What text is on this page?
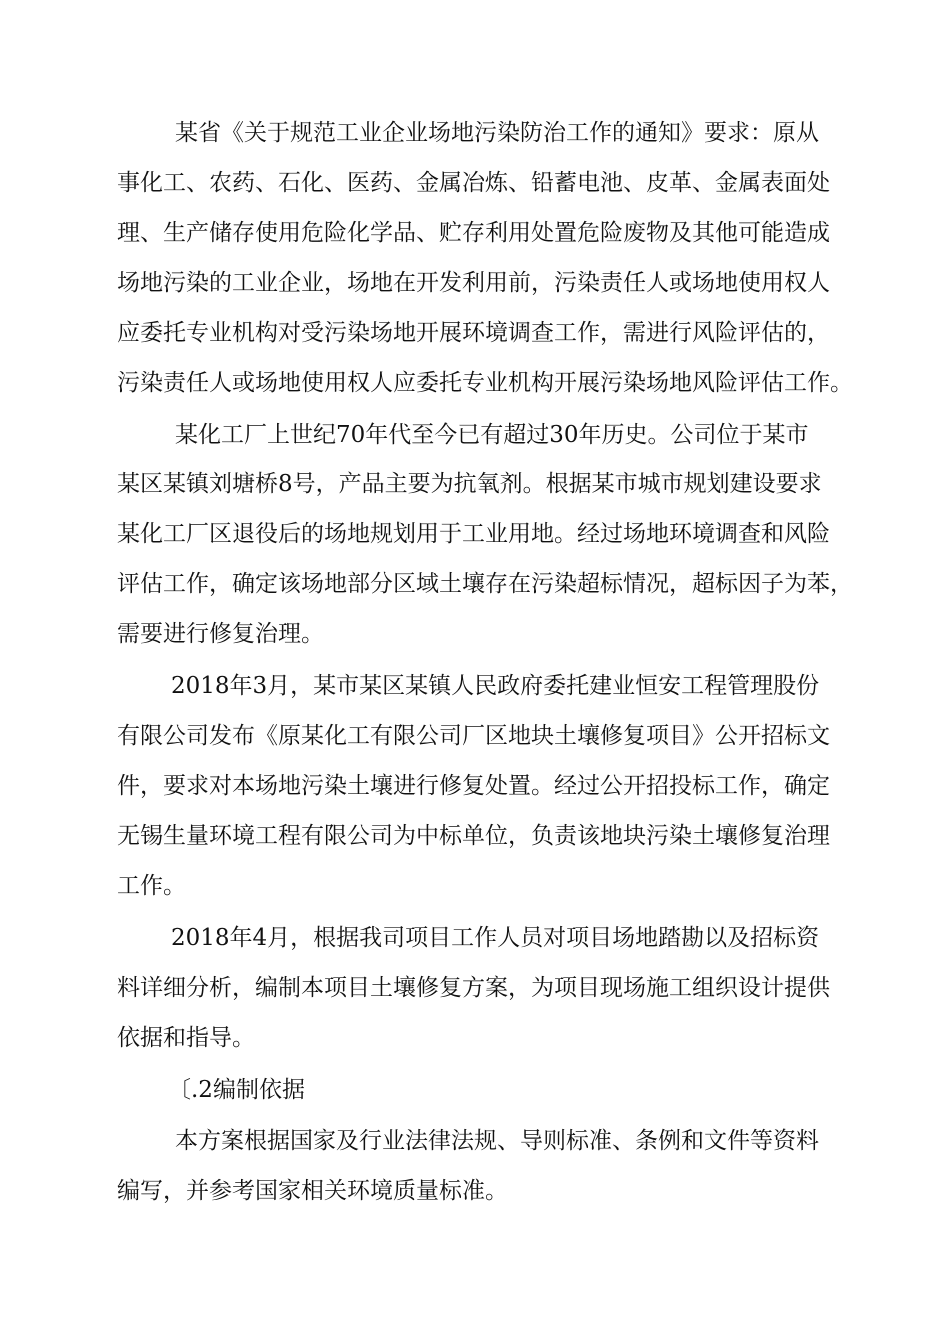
某省《关于规范工业企业场地污染防治工作的通知》要求：原从
事化工、农药、石化、医药、金属冶炼、铅蓄电池、皮革、金属表面处
理、生产储存使用危险化学品、贮存利用处置危险废物及其他可能造成
场地污染的工业企业，场地在开发利用前，污染责任人或场地使用权人
应委托专业机构对受污染场地开展环境调查工作，需进行风险评估的，
污染责任人或场地使用权人应委托专业机构开展污染场地风险评估工作。
某化工厂上世纪70年代至今已有超过30年历史。公司位于某市
某区某镇刘塘桥8号，产品主要为抗氧剂。根据某市城市规划建设要求
某化工厂区退役后的场地规划用于工业用地。经过场地环境调查和风险
评估工作，确定该场地部分区域土壤存在污染超标情况，超标因子为苯，
需要进行修复治理。
2018年3月，某市某区某镇人民政府委托建业恒安工程管理股份
有限公司发布《原某化工有限公司厂区地块土壤修复项目》公开招标文
件，要求对本场地污染土壤进行修复处置。经过公开招投标工作，确定
无锡生量环境工程有限公司为中标单位，负责该地块污染土壤修复治理
工作。
2018年4月，根据我司项目工作人员对项目场地踏勘以及招标资
料详细分析，编制本项目土壤修复方案，为项目现场施工组织设计提供
依据和指导。
〔.2编制依据
本方案根据国家及行业法律法规、导则标准、条例和文件等资料
编写，并参考国家相关环境质量标准。
